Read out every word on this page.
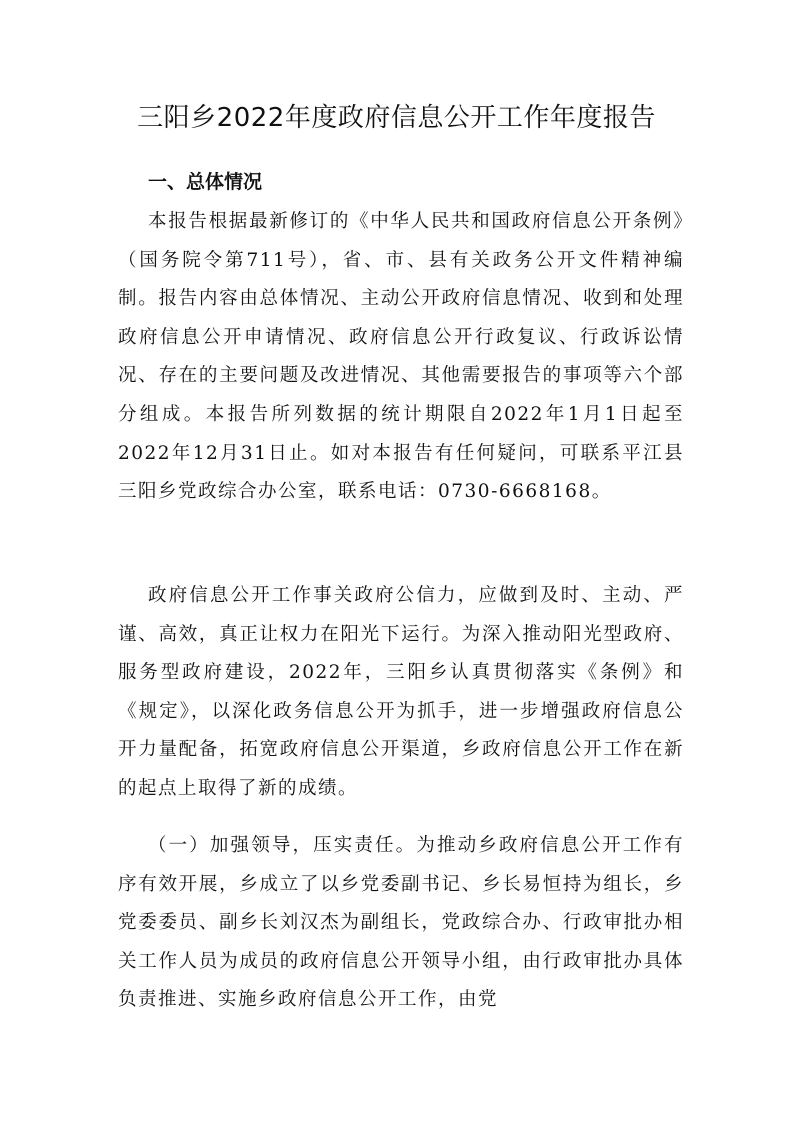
三阳乡2022年度政府信息公开工作年度报告
一、总体情况

本报告根据最新修订的《中华人民共和国政府信息公开条例》（国务院令第711号），省、市、县有关政务公开文件精神编制。报告内容由总体情况、主动公开政府信息情况、收到和处理政府信息公开申请情况、政府信息公开行政复议、行政诉讼情况、存在的主要问题及改进情况、其他需要报告的事项等六个部分组成。本报告所列数据的统计期限自2022年1月1日起至2022年12月31日止。如对本报告有任何疑问，可联系平江县三阳乡党政综合办公室，联系电话：0730-6668168。

政府信息公开工作事关政府公信力，应做到及时、主动、严谨、高效，真正让权力在阳光下运行。为深入推动阳光型政府、服务型政府建设，2022年，三阳乡认真贯彻落实《条例》和《规定》，以深化政务信息公开为抓手，进一步增强政府信息公开力量配备，拓宽政府信息公开渠道，乡政府信息公开工作在新的起点上取得了新的成绩。

（一）加强领导，压实责任。为推动乡政府信息公开工作有序有效开展，乡成立了以乡党委副书记、乡长易恒持为组长，乡党委委员、副乡长刘汉杰为副组长，党政综合办、行政审批办相关工作人员为成员的政府信息公开领导小组，由行政审批办具体负责推进、实施乡政府信息公开工作，由党
